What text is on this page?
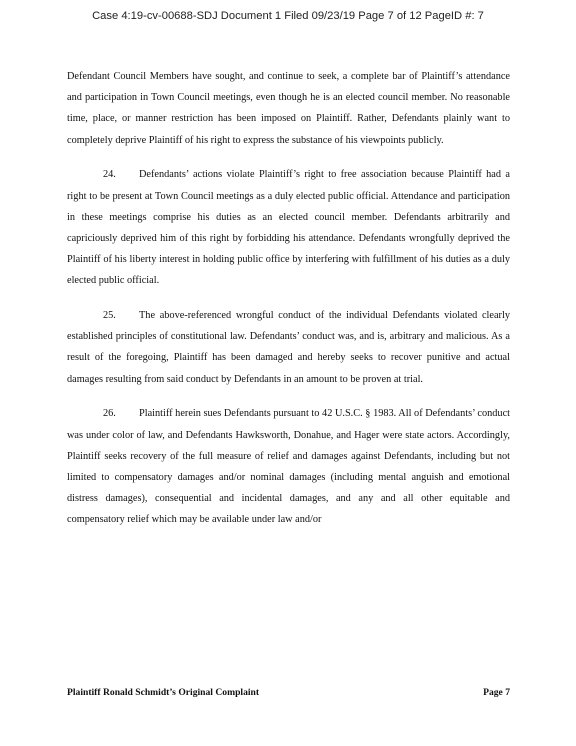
Case 4:19-cv-00688-SDJ Document 1 Filed 09/23/19 Page 7 of 12 PageID #: 7

Defendant Council Members have sought, and continue to seek, a complete bar of Plaintiff’s attendance and participation in Town Council meetings, even though he is an elected council member. No reasonable time, place, or manner restriction has been imposed on Plaintiff. Rather, Defendants plainly want to completely deprive Plaintiff of his right to express the substance of his viewpoints publicly.

24. Defendants’ actions violate Plaintiff’s right to free association because Plaintiff had a right to be present at Town Council meetings as a duly elected public official. Attendance and participation in these meetings comprise his duties as an elected council member. Defendants arbitrarily and capriciously deprived him of this right by forbidding his attendance. Defendants wrongfully deprived the Plaintiff of his liberty interest in holding public office by interfering with fulfillment of his duties as a duly elected public official.

25. The above-referenced wrongful conduct of the individual Defendants violated clearly established principles of constitutional law. Defendants’ conduct was, and is, arbitrary and malicious. As a result of the foregoing, Plaintiff has been damaged and hereby seeks to recover punitive and actual damages resulting from said conduct by Defendants in an amount to be proven at trial.

26. Plaintiff herein sues Defendants pursuant to 42 U.S.C. § 1983. All of Defendants’ conduct was under color of law, and Defendants Hawksworth, Donahue, and Hager were state actors. Accordingly, Plaintiff seeks recovery of the full measure of relief and damages against Defendants, including but not limited to compensatory damages and/or nominal damages (including mental anguish and emotional distress damages), consequential and incidental damages, and any and all other equitable and compensatory relief which may be available under law and/or

Plaintiff Ronald Schmidt’s Original Complaint	Page 7
